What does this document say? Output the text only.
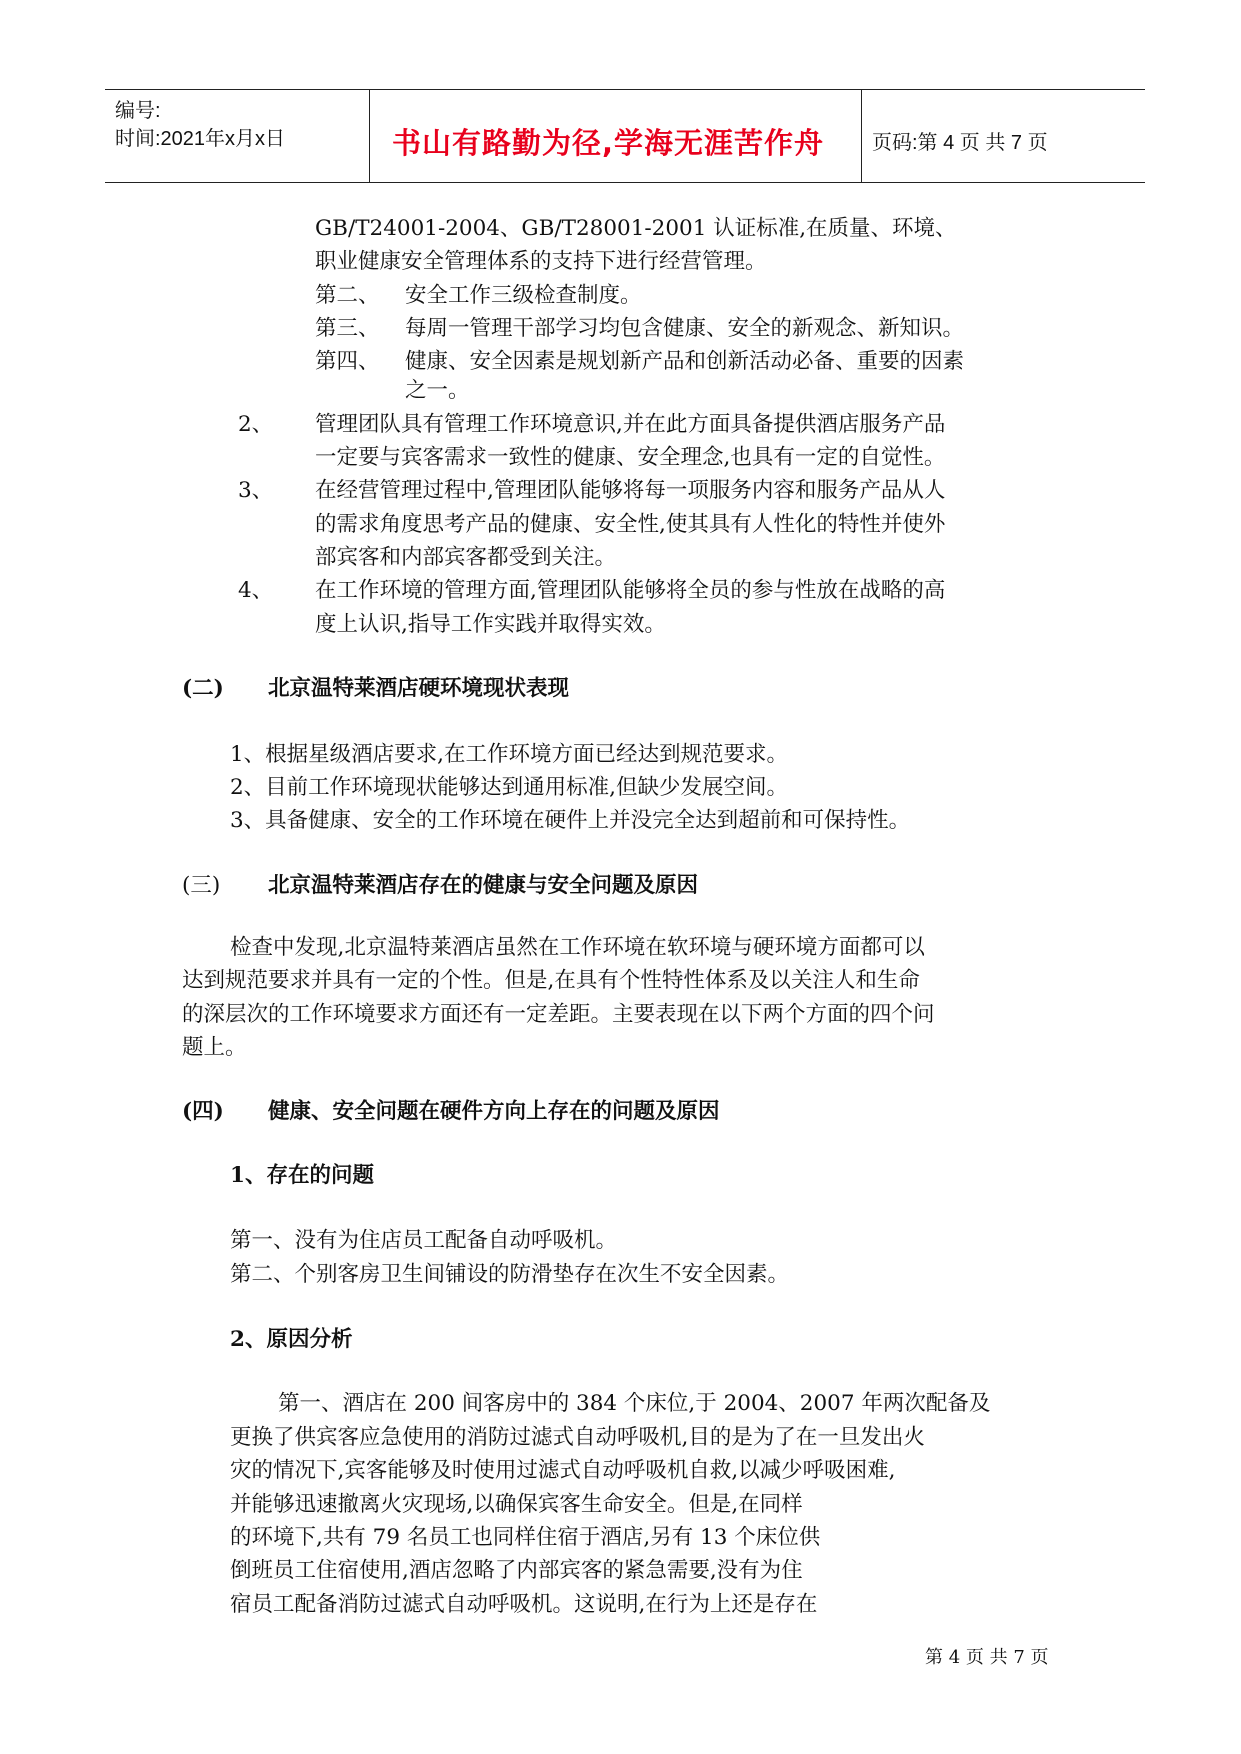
编号:
时间:2021年x月x日	书山有路勤为径,学海无涯苦作舟 页码:第 4 页 共 7 页
GB/T24001-2004、GB/T28001-2001 认证标准,在质量、环境、
职业健康安全管理体系的支持下进行经营管理。
第二、 安全工作三级检查制度。
第三、 每周一管理干部学习均包含健康、安全的新观念、新知识。
第四、 健康、安全因素是规划新产品和创新活动必备、重要的因素
之一。
2、 管理团队具有管理工作环境意识,并在此方面具备提供酒店服务产品
一定要与宾客需求一致性的健康、安全理念,也具有一定的自觉性。
3、 在经营管理过程中,管理团队能够将每一项服务内容和服务产品从人
的需求角度思考产品的健康、安全性,使其具有人性化的特性并使外
部宾客和内部宾客都受到关注。
4、 在工作环境的管理方面,管理团队能够将全员的参与性放在战略的高
度上认识,指导工作实践并取得实效。
(二) 北京温特莱酒店硬环境现状表现
1、根据星级酒店要求,在工作环境方面已经达到规范要求。
2、目前工作环境现状能够达到通用标准,但缺少发展空间。
3、具备健康、安全的工作环境在硬件上并没完全达到超前和可保持性。
(三) 北京温特莱酒店存在的健康与安全问题及原因
检查中发现,北京温特莱酒店虽然在工作环境在软环境与硬环境方面都可以
达到规范要求并具有一定的个性。但是,在具有个性特性体系及以关注人和生命
的深层次的工作环境要求方面还有一定差距。主要表现在以下两个方面的四个问
题上。
(四) 健康、安全问题在硬件方向上存在的问题及原因
1、存在的问题
第一、没有为住店员工配备自动呼吸机。
第二、个别客房卫生间铺设的防滑垫存在次生不安全因素。
2、原因分析
第一、酒店在 200 间客房中的 384 个床位,于 2004、2007 年两次配备及
更换了供宾客应急使用的消防过滤式自动呼吸机,目的是为了在一旦发出火
灾的情况下,宾客能够及时使用过滤式自动呼吸机自救,以减少呼吸困难,
并能够迅速撤离火灾现场,以确保宾客生命安全。但是,在同样
的环境下,共有 79 名员工也同样住宿于酒店,另有 13 个床位供
倒班员工住宿使用,酒店忽略了内部宾客的紧急需要,没有为住
宿员工配备消防过滤式自动呼吸机。这说明,在行为上还是存在
第 4 页 共 7 页
